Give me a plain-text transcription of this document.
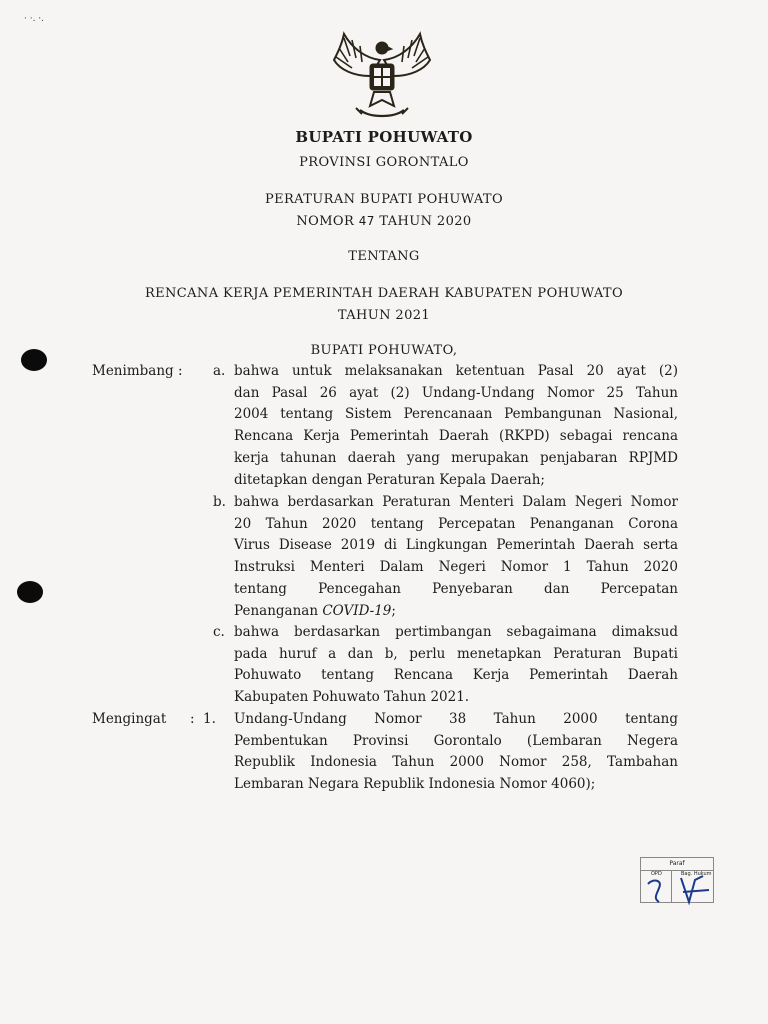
· ·. ·.
BUPATI POHUWATO
PROVINSI GORONTALO
PERATURAN BUPATI POHUWATO
NOMOR 47 TAHUN 2020
TENTANG
RENCANA KERJA PEMERINTAH DAERAH KABUPATEN POHUWATO
TAHUN 2021
BUPATI POHUWATO,
Menimbang : a. bahwa untuk melaksanakan ketentuan Pasal 20 ayat (2)
dan Pasal 26 ayat (2) Undang-Undang Nomor 25 Tahun
2004 tentang Sistem Perencanaan Pembangunan Nasional,
Rencana Kerja Pemerintah Daerah (RKPD) sebagai rencana
kerja tahunan daerah yang merupakan penjabaran RPJMD
ditetapkan dengan Peraturan Kepala Daerah;
b. bahwa berdasarkan Peraturan Menteri Dalam Negeri Nomor
20 Tahun 2020 tentang Percepatan Penanganan Corona
Virus Disease 2019 di Lingkungan Pemerintah Daerah serta
Instruksi Menteri Dalam Negeri Nomor 1 Tahun 2020
tentang Pencegahan Penyebaran dan Percepatan
Penanganan COVID-19;
c. bahwa berdasarkan pertimbangan sebagaimana dimaksud
pada huruf a dan b, perlu menetapkan Peraturan Bupati
Pohuwato tentang Rencana Kerja Pemerintah Daerah
Kabupaten Pohuwato Tahun 2021.
Mengingat : 1. Undang-Undang Nomor 38 Tahun 2000 tentang
Pembentukan Provinsi Gorontalo (Lembaran Negera
Republik Indonesia Tahun 2000 Nomor 258, Tambahan
Lembaran Negara Republik Indonesia Nomor 4060);
Paraf
OPD	Bag. Hukum
